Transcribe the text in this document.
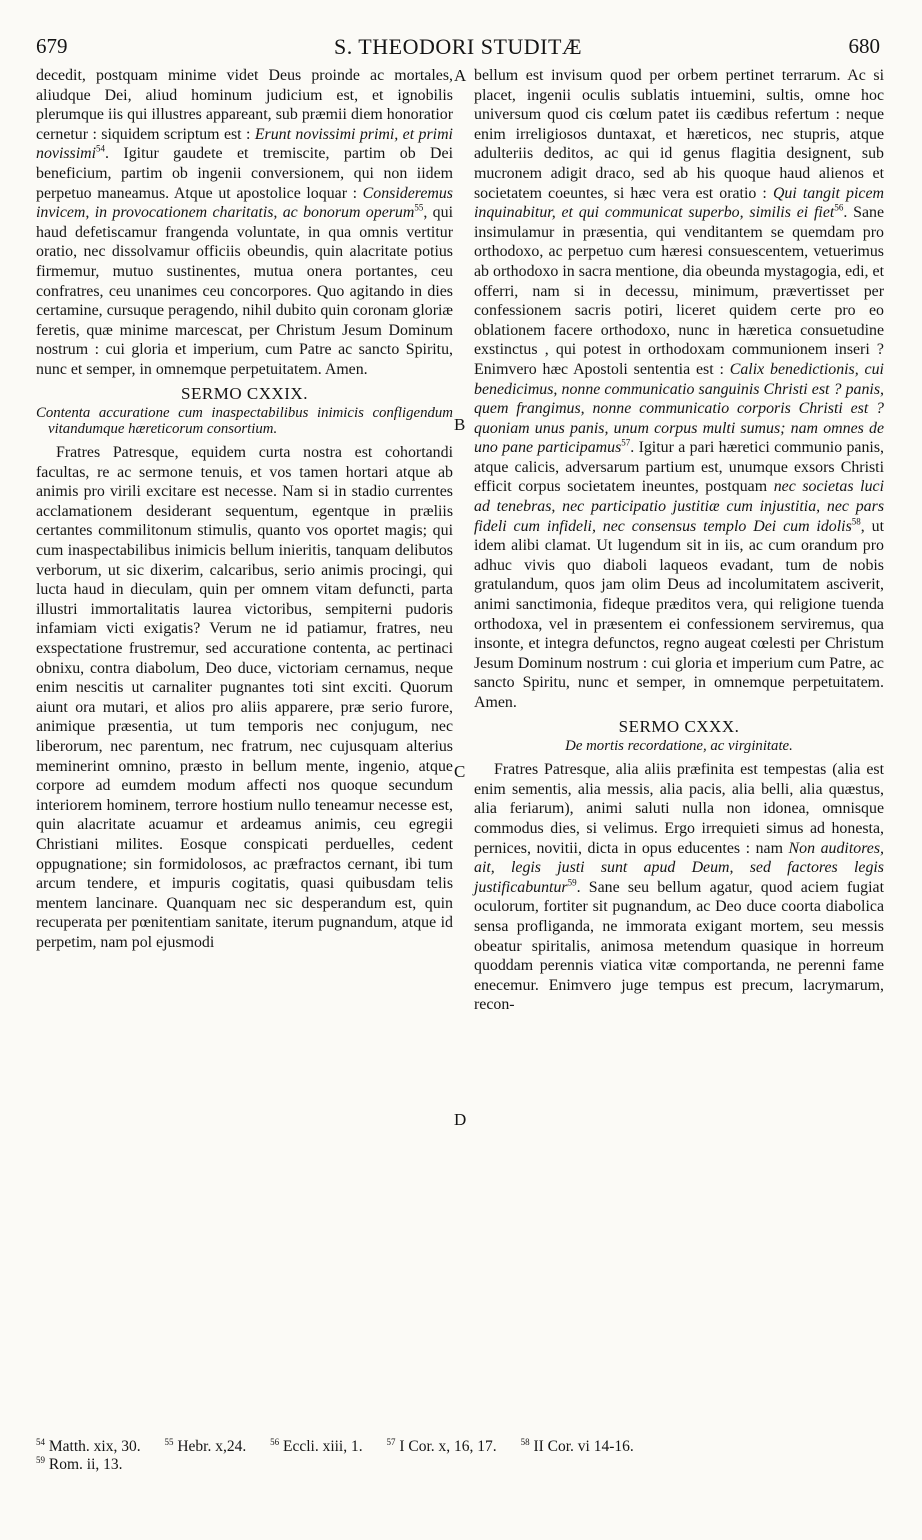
679	S. THEODORI STUDITÆ	680

decedit, postquam minime videt Deus proinde ac mortales, aliudque Dei, aliud hominum judicium est, et ignobilis plerumque iis qui illustres appareant, sub præmii diem honoratior cernetur : siquidem scriptum est : Erunt novissimi primi, et primi novissimi$^{54}$. Igitur gaudete et tremiscite, partim ob Dei beneficium, partim ob ingenii conversionem, qui non iidem perpetuo maneamus. Atque ut apostolice loquar : Consideremus invicem, in provocationem charitatis, ac bonorum operum$^{55}$, qui haud defetiscamur frangenda voluntate, in qua omnis vertitur oratio, nec dissolvamur officiis obeundis, quin alacritate potius firmemur, mutuo sustinentes, mutua onera portantes, ceu confratres, ceu unanimes ceu concorpores. Quo agitando in dies certamine, cursuque peragendo, nihil dubito quin coronam gloriæ feretis, quæ minime marcescat, per Christum Jesum Dominum nostrum : cui gloria et imperium, cum Patre ac sancto Spiritu, nunc et semper, in omnemque perpetuitatem. Amen.

SERMO CXXIX.
Contenta accuratione cum inaspectabilibus inimicis confligendum vitandumque hæreticorum consortium.

Fratres Patresque, equidem curta nostra est cohortandi facultas, re ac sermone tenuis, et vos tamen hortari atque ab animis pro virili excitare est necesse. Nam si in stadio currentes acclamationem desiderant sequentum, egentque in præliis certantes commilitonum stimulis, quanto vos oportet magis; qui cum inaspectabilibus inimicis bellum inieritis, tanquam delibutos verborum, ut sic dixerim, calcaribus, serio animis procingi, qui lucta haud in dieculam, quin per omnem vitam defuncti, parta illustri immortalitatis laurea victoribus, sempiterni pudoris infamiam victi exigatis? Verum ne id patiamur, fratres, neu exspectatione frustremur, sed accuratione contenta, ac pertinaci obnixu, contra diabolum, Deo duce, victoriam cernamus, neque enim nescitis ut carnaliter pugnantes toti sint exciti. Quorum aiunt ora mutari, et alios pro aliis apparere, præ serio furore, animique præsentia, ut tum temporis nec conjugum, nec liberorum, nec parentum, nec fratrum, nec cujusquam alterius meminerint omnino, præsto in bellum mente, ingenio, atque corpore ad eumdem modum affecti nos quoque secundum interiorem hominem, terrore hostium nullo teneamur necesse est, quin alacritate acuamur et ardeamus animis, ceu egregii Christiani milites. Eosque conspicati perduelles, cedent oppugnatione; sin formidolosos, ac præfractos cernant, ibi tum arcum tendere, et impuris cogitatis, quasi quibusdam telis mentem lancinare. Quanquam nec sic desperandum est, quin recuperata per pœnitentiam sanitate, iterum pugnandum, atque id perpetim, nam pol ejusmodi

A
B
C
D

bellum est invisum quod per orbem pertinet terrarum. Ac si placet, ingenii oculis sublatis intuemini, sultis, omne hoc universum quod cis cœlum patet iis cædibus refertum : neque enim irreligiosos duntaxat, et hæreticos, nec stupris, atque adulteriis deditos, ac qui id genus flagitia designent, sub mucronem adigit draco, sed ab his quoque haud alienos et societatem coeuntes, si hæc vera est oratio : Qui tangit picem inquinabitur, et qui communicat superbo, similis ei fiet$^{56}$. Sane insimulamur in præsentia, qui venditantem se quemdam pro orthodoxo, ac perpetuo cum hæresi consuescentem, vetuerimus ab orthodoxo in sacra mentione, dia obeunda mystagogia, edi, et offerri, nam si in decessu, minimum, prævertisset per confessionem sacris potiri, liceret quidem certe pro eo oblationem facere orthodoxo, nunc in hæretica consuetudine exstinctus , qui potest in orthodoxam communionem inseri ? Enimvero hæc Apostoli sententia est : Calix benedictionis, cui benedicimus, nonne communicatio sanguinis Christi est ? panis, quem frangimus, nonne communicatio corporis Christi est ? quoniam unus panis, unum corpus multi sumus; nam omnes de uno pane participamus$^{57}$. Igitur a pari hæretici communio panis, atque calicis, adversarum partium est, unumque exsors Christi efficit corpus societatem ineuntes, postquam nec societas luci ad tenebras, nec participatio justitiæ cum injustitia, nec pars fideli cum infideli, nec consensus templo Dei cum idolis$^{58}$, ut idem alibi clamat. Ut lugendum sit in iis, ac cum orandum pro adhuc vivis quo diaboli laqueos evadant, tum de nobis gratulandum, quos jam olim Deus ad incolumitatem asciverit, animi sanctimonia, fideque præditos vera, qui religione tuenda orthodoxa, vel in præsentem ei confessionem serviremus, qua insonte, et integra defunctos, regno augeat cœlesti per Christum Jesum Dominum nostrum : cui gloria et imperium cum Patre, ac sancto Spiritu, nunc et semper, in omnemque perpetuitatem. Amen.

SERMO CXXX.
De mortis recordatione, ac virginitate.

Fratres Patresque, alia aliis præfinita est tempestas (alia est enim sementis, alia messis, alia pacis, alia belli, alia quæstus, alia feriarum), animi saluti nulla non idonea, omnisque commodus dies, si velimus. Ergo irrequieti simus ad honesta, pernices, novitii, dicta in opus educentes : nam Non auditores, ait, legis justi sunt apud Deum, sed factores legis justificabuntur$^{59}$. Sane seu bellum agatur, quod aciem fugiat oculorum, fortiter sit pugnandum, ac Deo duce coorta diabolica sensa profliganda, ne immorata exigant mortem, seu messis obeatur spiritalis, animosa metendum quasique in horreum quoddam perennis viatica vitæ comportanda, ne perenni fame enecemur. Enimvero juge tempus est precum, lacrymarum, recon-

$^{54}$ Matth. xix, 30.	$^{55}$ Hebr. x,24.	$^{56}$ Eccli. xiii, 1.	$^{57}$ I Cor. x, 16, 17.	$^{58}$ II Cor. vi 14-16.
$^{59}$ Rom. ii, 13.
